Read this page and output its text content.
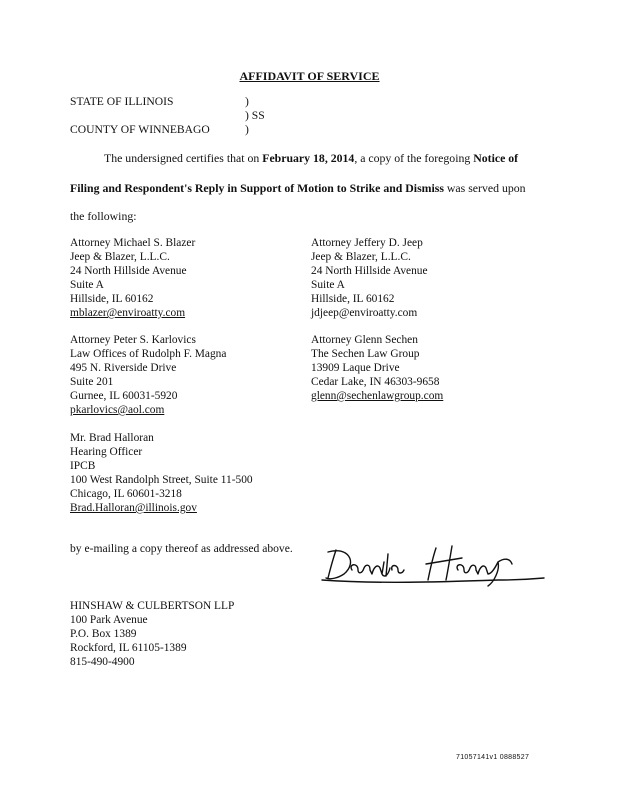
AFFIDAVIT OF SERVICE
STATE OF ILLINOIS	)
) SS
COUNTY OF WINNEBAGO	)
The undersigned certifies that on February 18, 2014, a copy of the foregoing Notice of
Filing and Respondent's Reply in Support of Motion to Strike and Dismiss was served upon
the following:
Attorney Michael S. Blazer
Jeep & Blazer, L.L.C.
24 North Hillside Avenue
Suite A
Hillside, IL 60162
mblazer@enviroatty.com
Attorney Jeffery D. Jeep
Jeep & Blazer, L.L.C.
24 North Hillside Avenue
Suite A
Hillside, IL 60162
jdjeep@enviroatty.com
Attorney Peter S. Karlovics
Law Offices of Rudolph F. Magna
495 N. Riverside Drive
Suite 201
Gurnee, IL 60031-5920
pkarlovics@aol.com
Attorney Glenn Sechen
The Sechen Law Group
13909 Laque Drive
Cedar Lake, IN 46303-9658
glenn@sechenlawgroup.com
Mr. Brad Halloran
Hearing Officer
IPCB
100 West Randolph Street, Suite 11-500
Chicago, IL 60601-3218
Brad.Halloran@illinois.gov
by e-mailing a copy thereof as addressed above.
HINSHAW & CULBERTSON LLP
100 Park Avenue
P.O. Box 1389
Rockford, IL 61105-1389
815-490-4900
71057141v1 0888527
